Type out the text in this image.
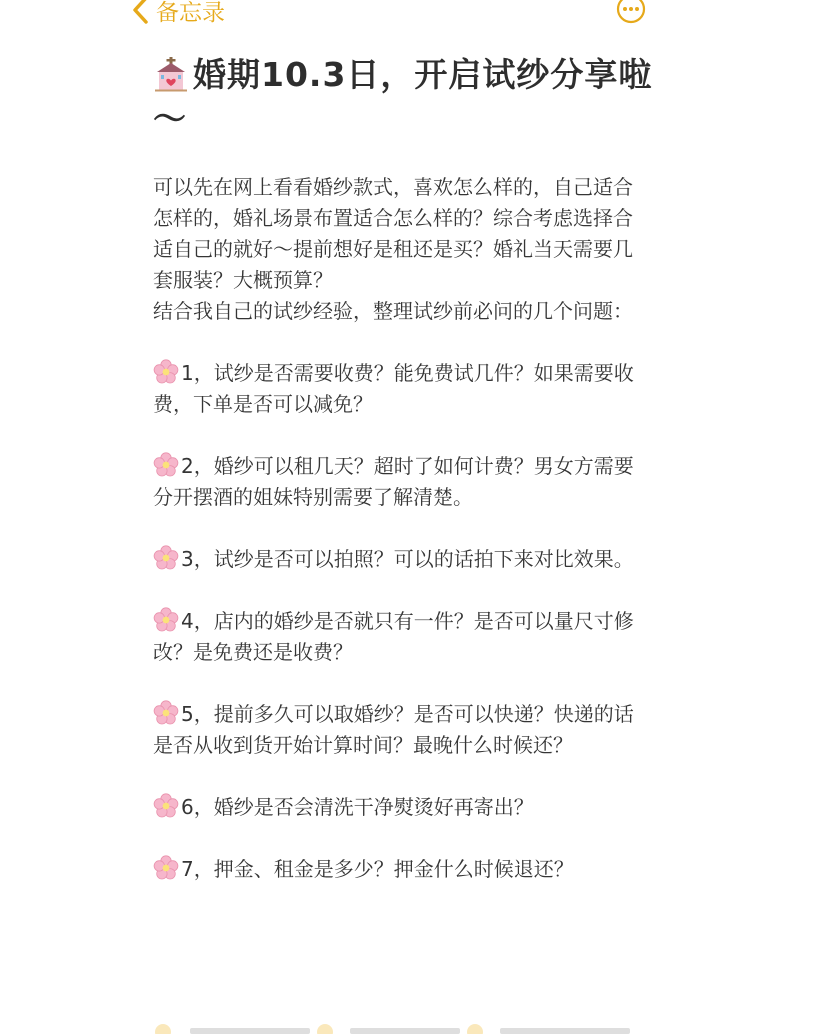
备忘录
婚期10.3日，开启试纱分享啦～

可以先在网上看看婚纱款式，喜欢怎么样的，自己适合怎样的，婚礼场景布置适合怎么样的？综合考虑选择合适自己的就好～提前想好是租还是买？婚礼当天需要几套服装？大概预算？

结合我自己的试纱经验，整理试纱前必问的几个问题：

1，试纱是否需要收费？能免费试几件？如果需要收费，下单是否可以减免？
2，婚纱可以租几天？超时了如何计费？男女方需要分开摆酒的姐妹特别需要了解清楚。
3，试纱是否可以拍照？可以的话拍下来对比效果。
4，店内的婚纱是否就只有一件？是否可以量尺寸修改？是免费还是收费？
5，提前多久可以取婚纱？是否可以快递？快递的话是否从收到货开始计算时间？最晚什么时候还？
6，婚纱是否会清洗干净熨烫好再寄出？
7，押金、租金是多少？押金什么时候退还？
